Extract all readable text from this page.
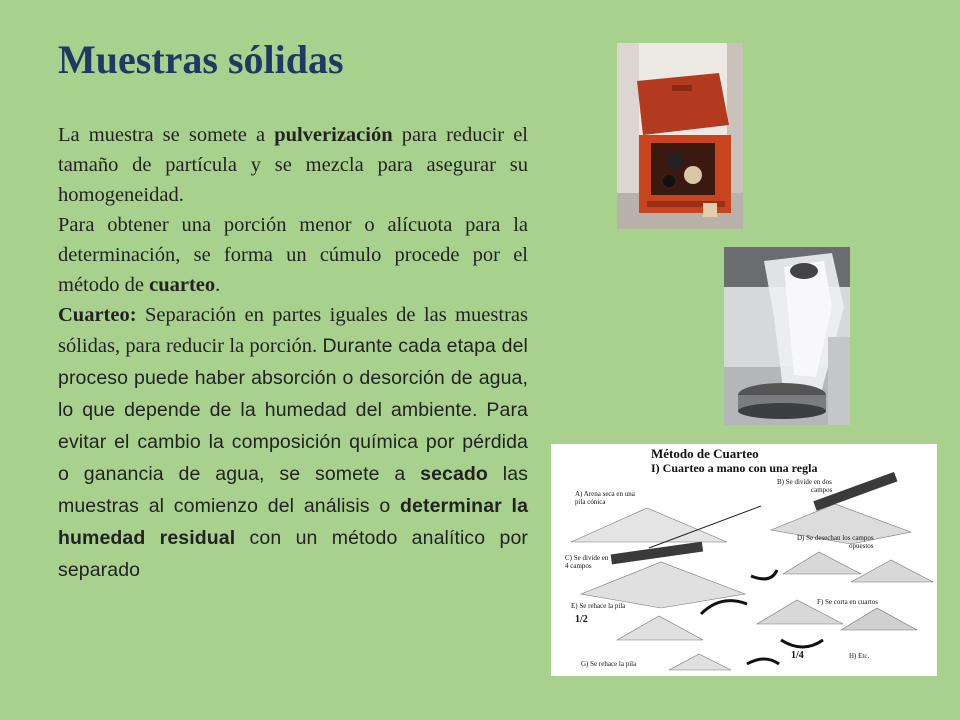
Muestras sólidas

La muestra se somete a pulverización para reducir el tamaño de partícula y se mezcla para asegurar su homogeneidad.

Para obtener una porción menor o alícuota para la determinación, se forma un cúmulo procede por el método de cuarteo.

Cuarteo: Separación en partes iguales de las muestras sólidas, para reducir la porción. Durante cada etapa del proceso puede haber absorción o desorción de agua, lo que depende de la humedad del ambiente. Para evitar el cambio la composición química por pérdida o ganancia de agua, se somete a secado las muestras al comienzo del análisis o determinar la humedad residual con un método analítico por separado

Método de Cuarteo
I) Cuarteo a mano con una regla
A) Arena seca en una
pila cónica
B) Se divide en dos
campos
D) Se desechan los campos
opuestos
C) Se divide en
4 campos
E) Se rehace la pila
1/2
F) Se corta en cuartos
G) Se rehace la pila
1/4	H) Etc.
